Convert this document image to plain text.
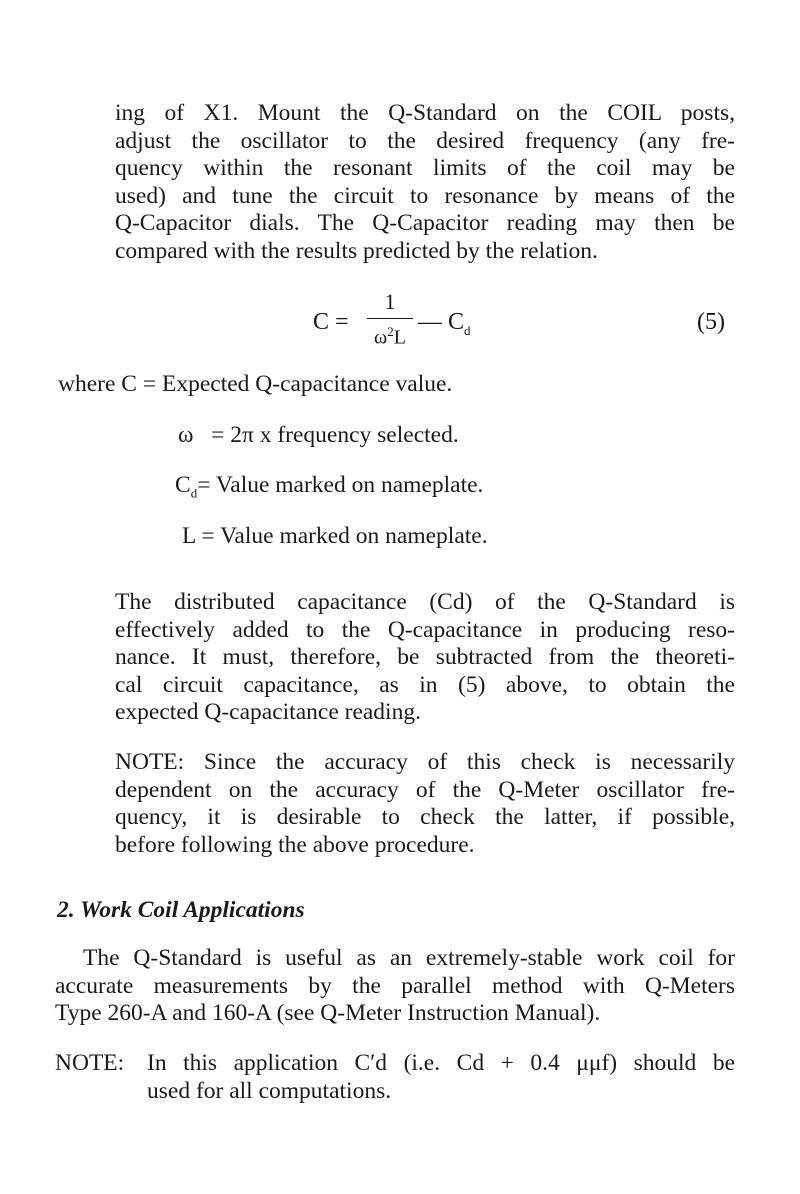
ing of X1. Mount the Q-Standard on the COIL posts,
adjust the oscillator to the desired frequency (any fre-
quency within the resonant limits of the coil may be
used) and tune the circuit to resonance by means of the
Q-Capacitor dials. The Q-Capacitor reading may then be
compared with the results predicted by the relation.
C =
1
$\omega^2L$
— $C_d$	(5)
where C = Expected Q-capacitance value.
ω = 2π x frequency selected.
$C_d=$ Value marked on nameplate.
L = Value marked on nameplate.
The distributed capacitance (Cd) of the Q-Standard is
effectively added to the Q-capacitance in producing reso-
nance. It must, therefore, be subtracted from the theoreti-
cal circuit capacitance, as in (5) above, to obtain the
expected Q-capacitance reading.
NOTE: Since the accuracy of this check is necessarily
dependent on the accuracy of the Q-Meter oscillator fre-
quency, it is desirable to check the latter, if possible,
before following the above procedure.
2. Work Coil Applications
The Q-Standard is useful as an extremely-stable work coil for
accurate measurements by the parallel method with Q-Meters
Type 260-A and 160-A (see Q-Meter Instruction Manual).
NOTE: In this application C′d (i.e. Cd + 0.4 μμf) should be
used for all computations.
